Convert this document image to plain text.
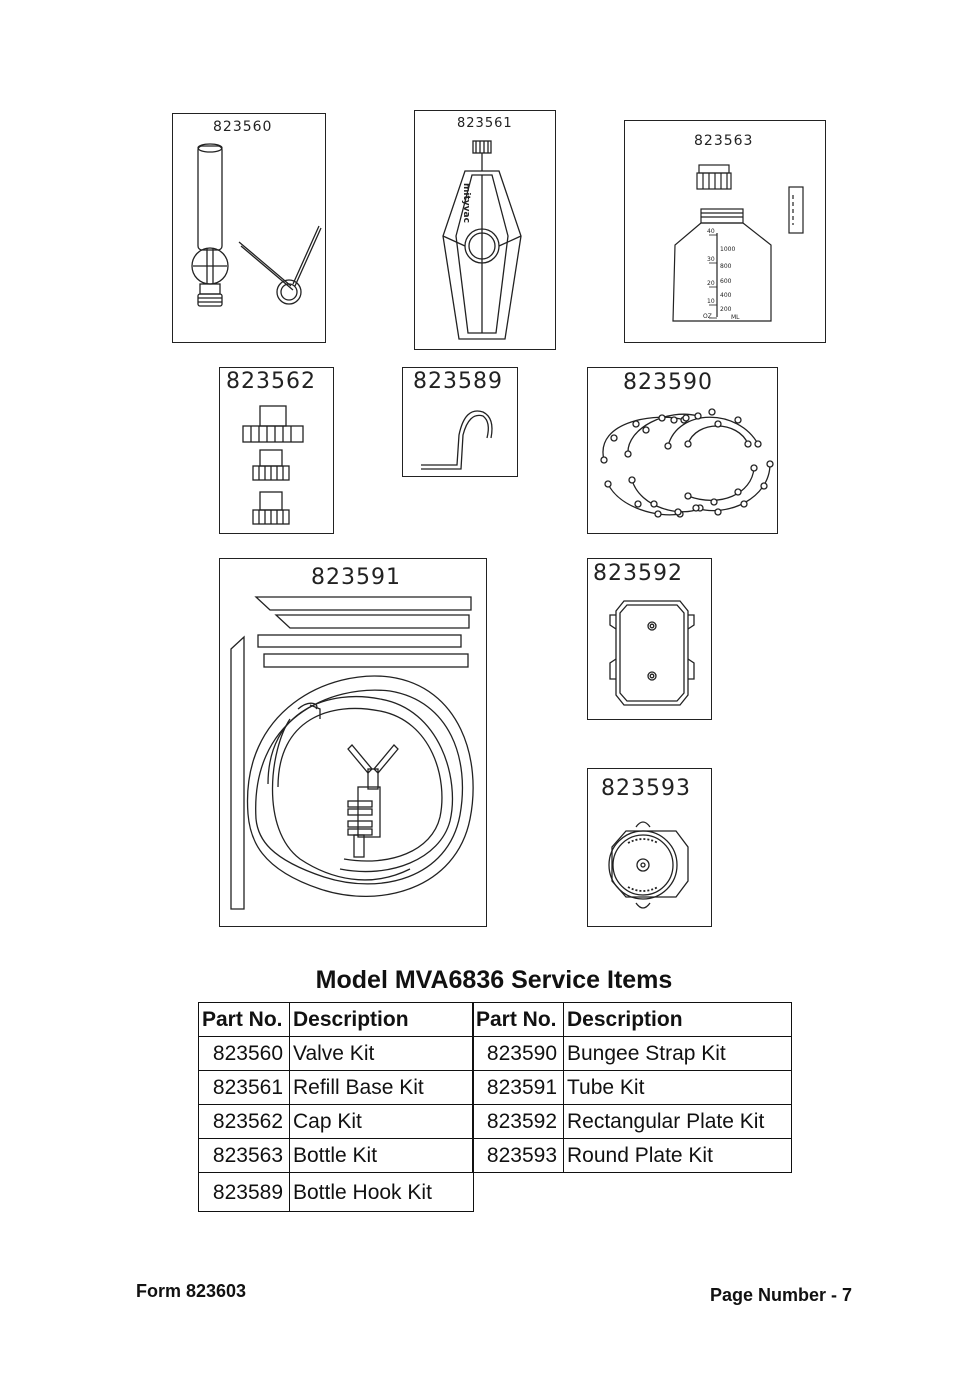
823560	823561
mityvac
823563
40
30
20
10
OZ
1000
800
600
400
200
ML
823562	823589	823590
823591	823592
823593
Model MVA6836 Service Items
Part No.	Description
823560	Valve Kit
823561	Refill Base Kit
823562	Cap Kit
823563	Bottle Kit
823589	Bottle Hook Kit
Part No.	Description
823590	Bungee Strap Kit
823591	Tube Kit
823592	Rectangular Plate Kit
823593	Round Plate Kit
Form 823603	Page Number - 7
